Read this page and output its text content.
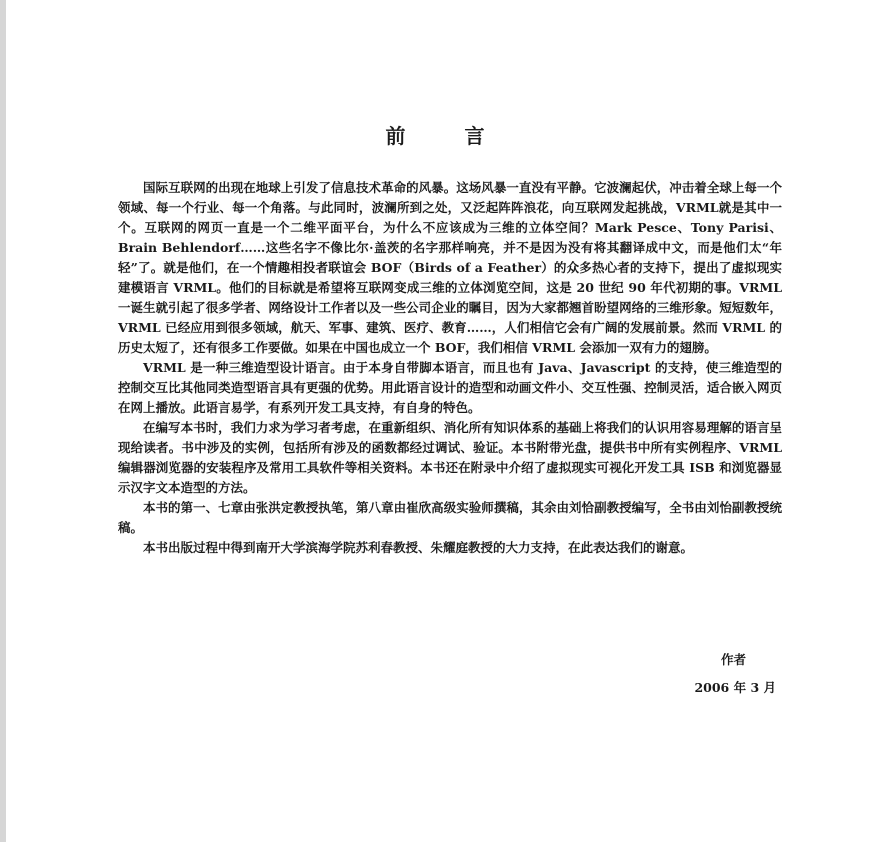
前 言

国际互联网的出现在地球上引发了信息技术革命的风暴。这场风暴一直没有平静。它波澜起伏，冲击着全球上每一个领域、每一个行业、每一个角落。与此同时，波澜所到之处，又泛起阵阵浪花，向互联网发起挑战，VRML就是其中一个。互联网的网页一直是一个二维平面平台，为什么不应该成为三维的立体空间？Mark Pesce、Tony Parisi、Brain Behlendorf……这些名字不像比尔·盖茨的名字那样响亮，并不是因为没有将其翻译成中文，而是他们太“年轻”了。就是他们，在一个情趣相投者联谊会 BOF（Birds of a Feather）的众多热心者的支持下，提出了虚拟现实建模语言 VRML。他们的目标就是希望将互联网变成三维的立体浏览空间，这是 20 世纪 90 年代初期的事。VRML 一诞生就引起了很多学者、网络设计工作者以及一些公司企业的瞩目，因为大家都翘首盼望网络的三维形象。短短数年，VRML 已经应用到很多领域，航天、军事、建筑、医疗、教育……，人们相信它会有广阔的发展前景。然而 VRML 的历史太短了，还有很多工作要做。如果在中国也成立一个 BOF，我们相信 VRML 会添加一双有力的翅膀。

VRML 是一种三维造型设计语言。由于本身自带脚本语言，而且也有 Java、Javascript 的支持，使三维造型的控制交互比其他同类造型语言具有更强的优势。用此语言设计的造型和动画文件小、交互性强、控制灵活，适合嵌入网页在网上播放。此语言易学，有系列开发工具支持，有自身的特色。

在编写本书时，我们力求为学习者考虑，在重新组织、消化所有知识体系的基础上将我们的认识用容易理解的语言呈现给读者。书中涉及的实例，包括所有涉及的函数都经过调试、验证。本书附带光盘，提供书中所有实例程序、VRML 编辑器浏览器的安装程序及常用工具软件等相关资料。本书还在附录中介绍了虚拟现实可视化开发工具 ISB 和浏览器显示汉字文本造型的方法。

本书的第一、七章由张洪定教授执笔，第八章由崔欣高级实验师撰稿，其余由刘恰副教授编写，全书由刘怡副教授统稿。

本书出版过程中得到南开大学滨海学院苏利春教授、朱耀庭教授的大力支持，在此表达我们的谢意。

作者
2006 年 3 月
